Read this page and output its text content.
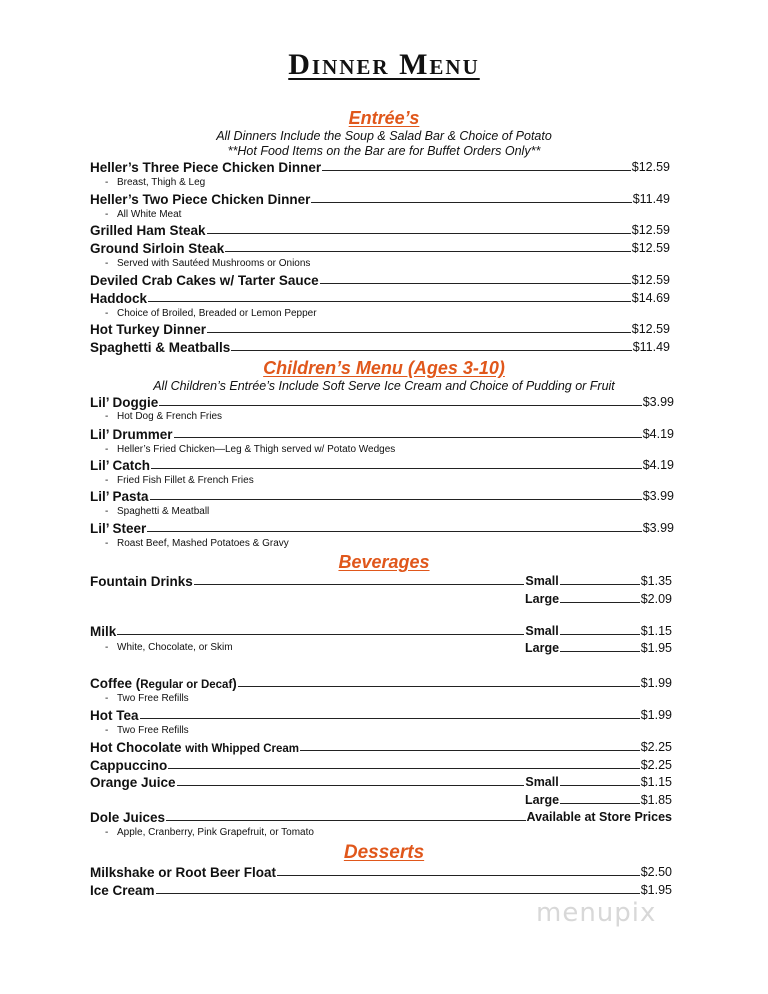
Dinner Menu
Entrée’s
All Dinners Include the Soup & Salad Bar & Choice of Potato
**Hot Food Items on the Bar are for Buffet Orders Only**
Heller’s Three Piece Chicken Dinner	$12.59
- Breast, Thigh & Leg
Heller’s Two Piece Chicken Dinner	$11.49
- All White Meat
Grilled Ham Steak	$12.59
Ground Sirloin Steak	$12.59
- Served with Sautéed Mushrooms or Onions
Deviled Crab Cakes w/ Tarter Sauce	$12.59
Haddock	$14.69
- Choice of Broiled, Breaded or Lemon Pepper
Hot Turkey Dinner	$12.59
Spaghetti & Meatballs	$11.49
Children’s Menu (Ages 3-10)
All Children’s Entrée’s Include Soft Serve Ice Cream and Choice of Pudding or Fruit
Lil’ Doggie	$3.99
- Hot Dog & French Fries
Lil’ Drummer	$4.19
- Heller’s Fried Chicken—Leg & Thigh served w/ Potato Wedges
Lil’ Catch	$4.19
- Fried Fish Fillet & French Fries
Lil’ Pasta	$3.99
- Spaghetti & Meatball
Lil’ Steer	$3.99
- Roast Beef, Mashed Potatoes & Gravy
Beverages
Fountain Drinks	Small	$1.35
Large	$2.09
Milk	Small	$1.15
- White, Chocolate, or Skim	Large	$1.95
Coffee (Regular or Decaf)	$1.99
- Two Free Refills
Hot Tea	$1.99
- Two Free Refills
Hot Chocolate with Whipped Cream	$2.25
Cappuccino	$2.25
Orange Juice	Small	$1.15
Large	$1.85
Dole Juices	Available at Store Prices
- Apple, Cranberry, Pink Grapefruit, or Tomato
Desserts
Milkshake or Root Beer Float	$2.50
Ice Cream	$1.95
menupix
